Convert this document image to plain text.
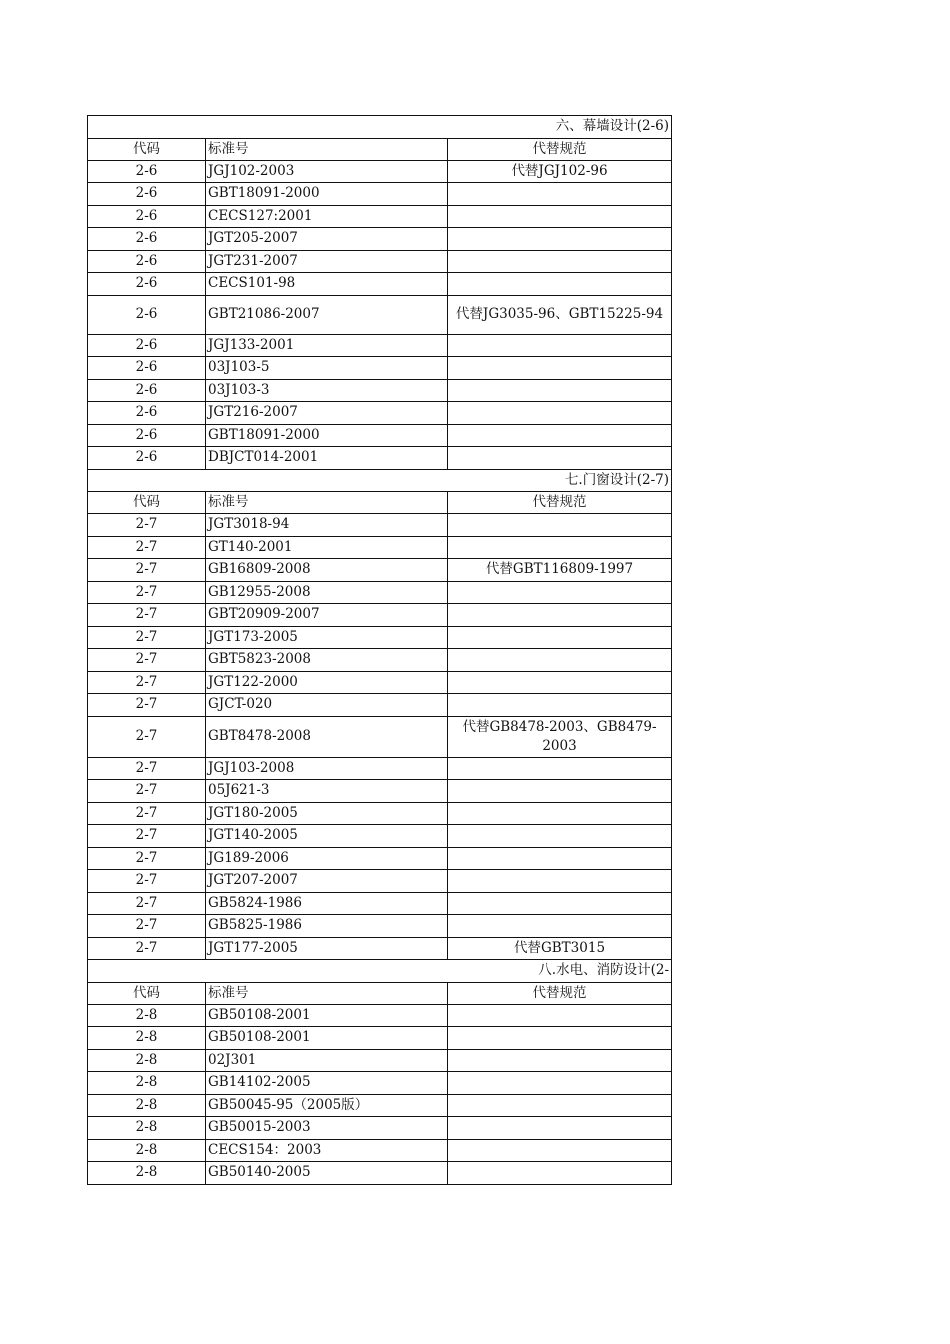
六、幕墙设计(2-6)		
代码	标准号	代替规范
2-6	JGJ102-2003	代替JGJ102-96
2-6	GBT18091-2000	
2-6	CECS127:2001	
2-6	JGT205-2007	
2-6	JGT231-2007	
2-6	CECS101-98	
2-6	GBT21086-2007	代替JG3035-96、GBT15225-94
2-6	JGJ133-2001	
2-6	03J103-5	
2-6	03J103-3	
2-6	JGT216-2007	
2-6	GBT18091-2000	
2-6	DBJCT014-2001	
七.门窗设计(2-7)		
代码	标准号	代替规范
2-7	JGT3018-94	
2-7	GT140-2001	
2-7	GB16809-2008	代替GBT116809-1997
2-7	GB12955-2008	
2-7	GBT20909-2007	
2-7	JGT173-2005	
2-7	GBT5823-2008	
2-7	JGT122-2000	
2-7	GJCT-020	
2-7	GBT8478-2008	代替GB8478-2003、GB8479-2003
2-7	JGJ103-2008	
2-7	05J621-3	
2-7	JGT180-2005	
2-7	JGT140-2005	
2-7	JG189-2006	
2-7	JGT207-2007	
2-7	GB5824-1986	
2-7	GB5825-1986	
2-7	JGT177-2005	代替GBT3015
八.水电、消防设计(2-		
代码	标准号	代替规范
2-8	GB50108-2001	
2-8	GB50108-2001	
2-8	02J301	
2-8	GB14102-2005	
2-8	GB50045-95（2005版）	
2-8	GB50015-2003	
2-8	CECS154：2003	
2-8	GB50140-2005	
